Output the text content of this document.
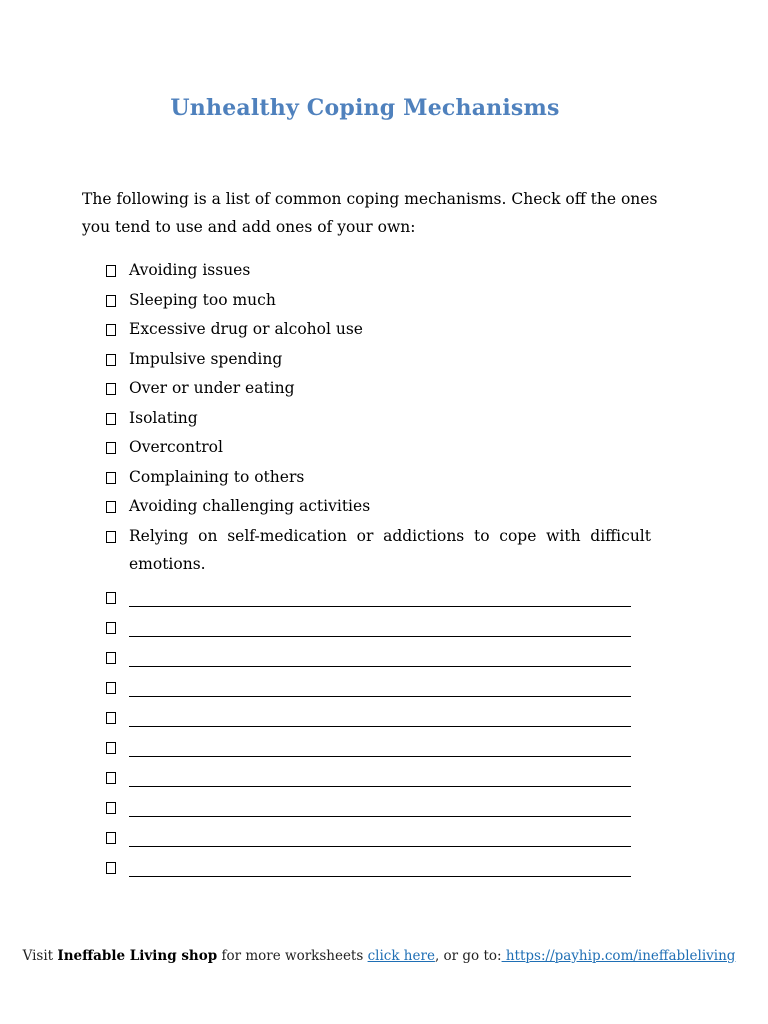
Unhealthy Coping Mechanisms
The following is a list of common coping mechanisms. Check off the ones you tend to use and add ones of your own:
Avoiding issues
Sleeping too much
Excessive drug or alcohol use
Impulsive spending
Over or under eating
Isolating
Overcontrol
Complaining to others
Avoiding challenging activities
Relying on self-medication or addictions to cope with difficult emotions.
Visit Ineffable Living shop for more worksheets click here, or go to: https://payhip.com/ineffableliving
